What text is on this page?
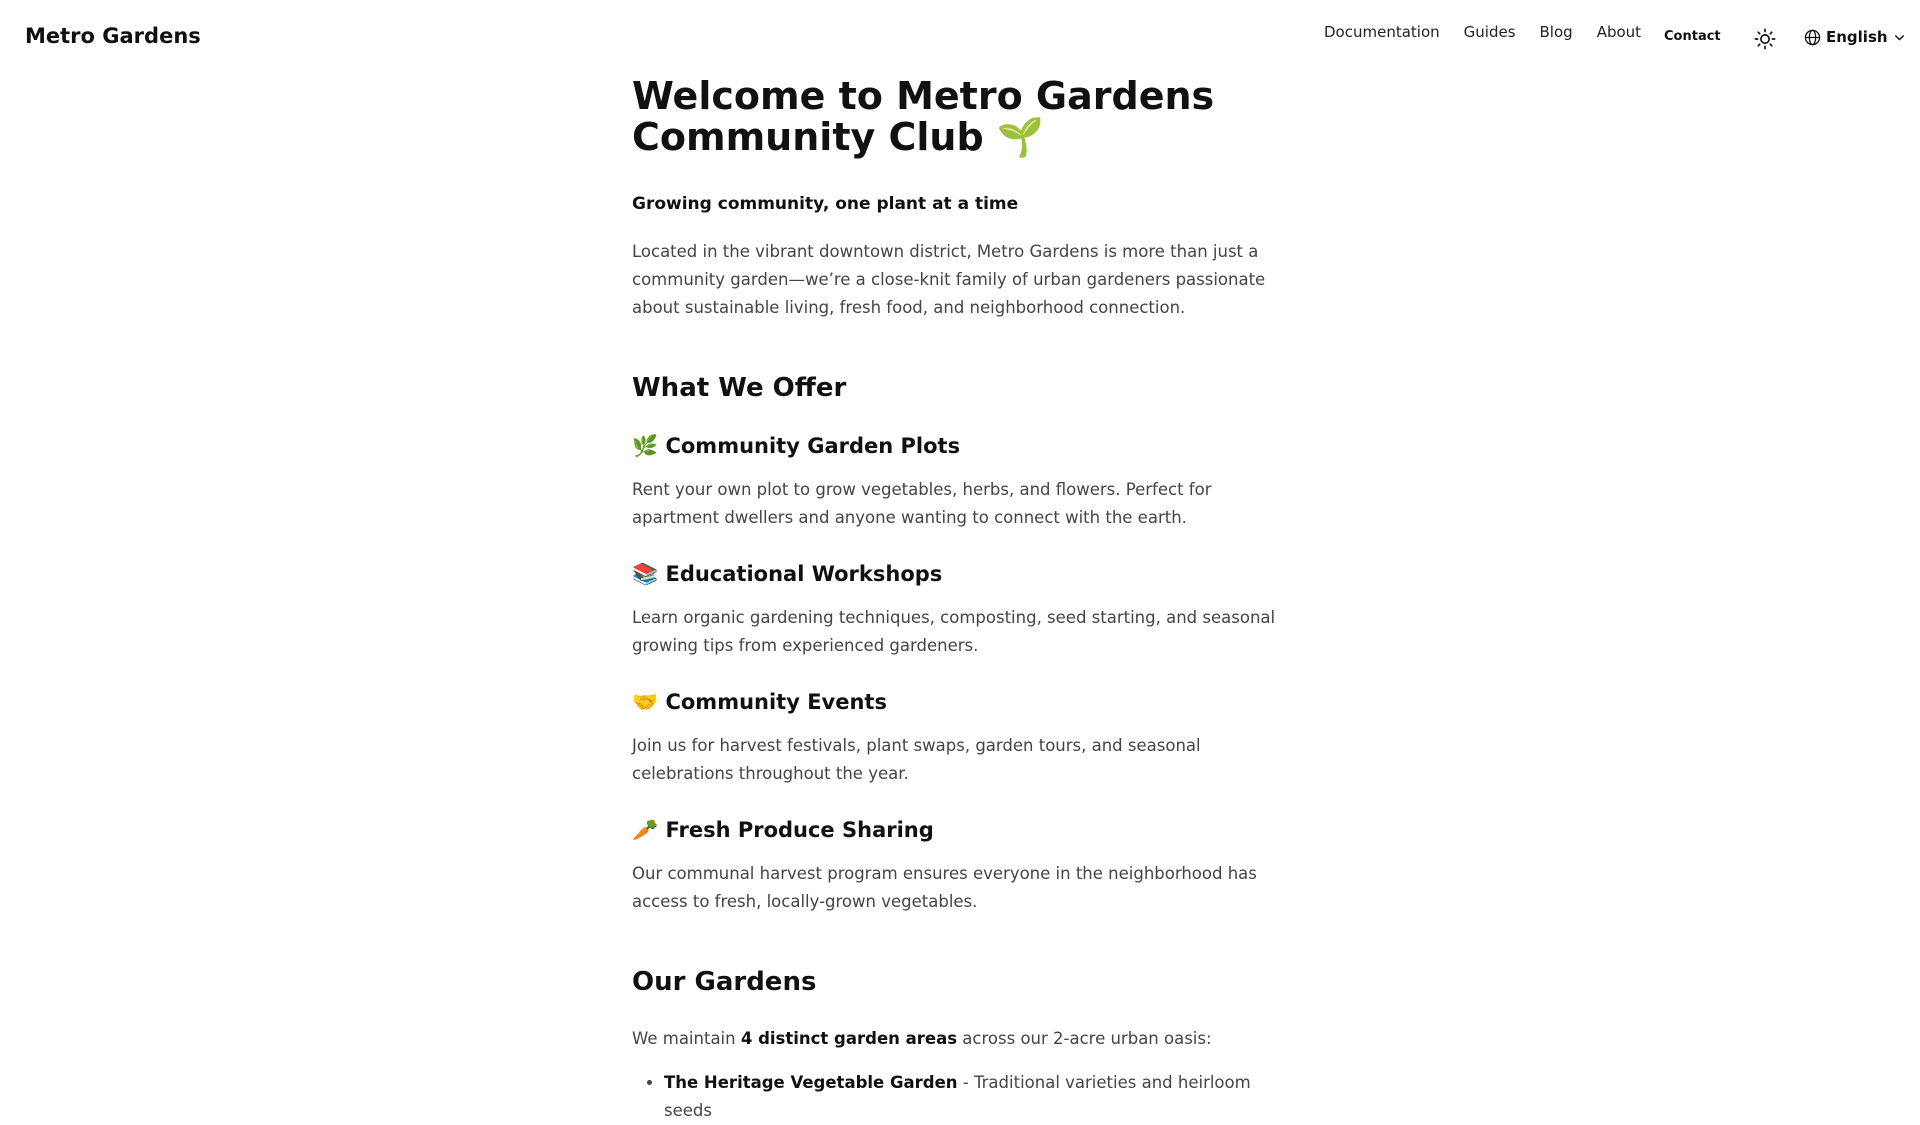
Metro Gardens	Documentation Guides Blog About Contact	English
Welcome to Metro Gardens
Community Club 🌱
Growing community, one plant at a time

Located in the vibrant downtown district, Metro Gardens is more than just a community garden—we’re a close-knit family of urban gardeners passionate about sustainable living, fresh food, and neighborhood connection.

What We Offer
🌿 Community Garden Plots

Rent your own plot to grow vegetables, herbs, and flowers. Perfect for apartment dwellers and anyone wanting to connect with the earth.

📚 Educational Workshops

Learn organic gardening techniques, composting, seed starting, and seasonal growing tips from experienced gardeners.

🤝 Community Events

Join us for harvest festivals, plant swaps, garden tours, and seasonal celebrations throughout the year.

🥕 Fresh Produce Sharing

Our communal harvest program ensures everyone in the neighborhood has access to fresh, locally-grown vegetables.

Our Gardens

We maintain 4 distinct garden areas across our 2-acre urban oasis:

• The Heritage Vegetable Garden - Traditional varieties and heirloom seeds
